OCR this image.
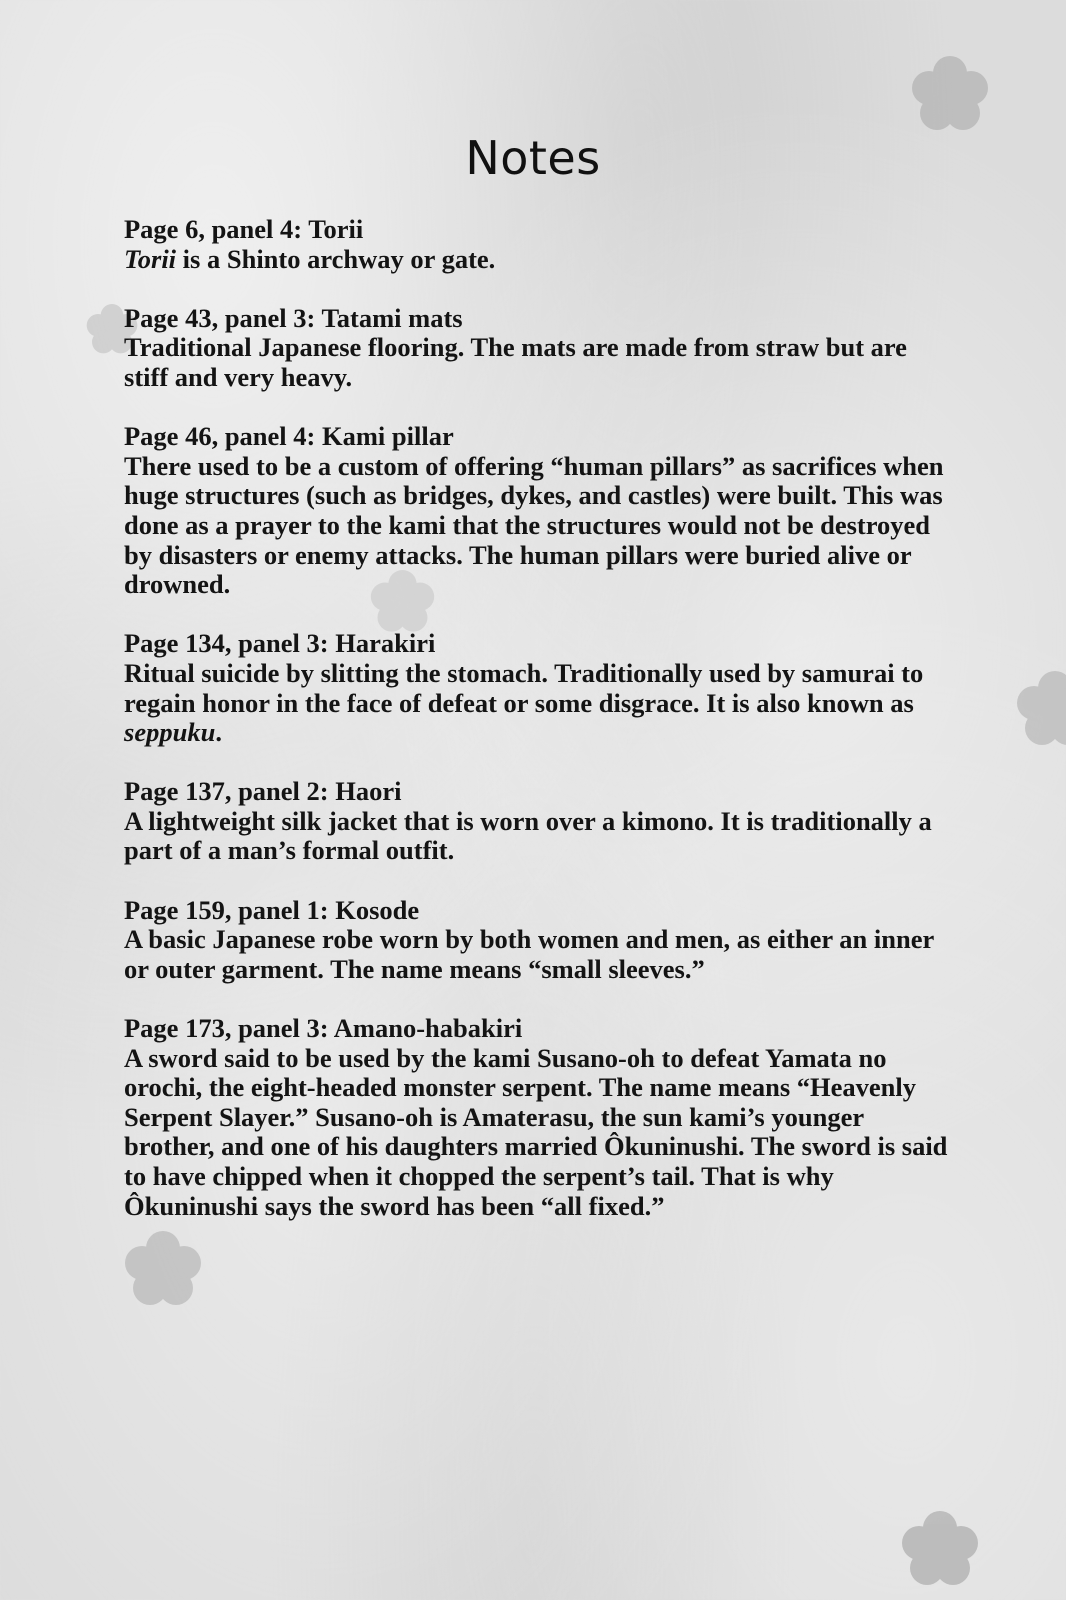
Notes

Page 6, panel 4: Torii

Torii is a Shinto archway or gate.

Page 43, panel 3: Tatami mats

Traditional Japanese flooring. The mats are made from straw but are stiff and very heavy.

Page 46, panel 4: Kami pillar

There used to be a custom of offering “human pillars” as sacrifices when huge structures (such as bridges, dykes, and castles) were built. This was done as a prayer to the kami that the structures would not be destroyed by disasters or enemy attacks. The human pillars were buried alive or drowned.

Page 134, panel 3: Harakiri

Ritual suicide by slitting the stomach. Traditionally used by samurai to regain honor in the face of defeat or some disgrace. It is also known as seppuku.

Page 137, panel 2: Haori

A lightweight silk jacket that is worn over a kimono. It is traditionally a part of a man’s formal outfit.

Page 159, panel 1: Kosode

A basic Japanese robe worn by both women and men, as either an inner or outer garment. The name means “small sleeves.”

Page 173, panel 3: Amano-habakiri

A sword said to be used by the kami Susano-oh to defeat Yamata no orochi, the eight-headed monster serpent. The name means “Heavenly Serpent Slayer.” Susano-oh is Amaterasu, the sun kami’s younger brother, and one of his daughters married Ôkuninushi. The sword is said to have chipped when it chopped the serpent’s tail. That is why Ôkuninushi says the sword has been “all fixed.”
